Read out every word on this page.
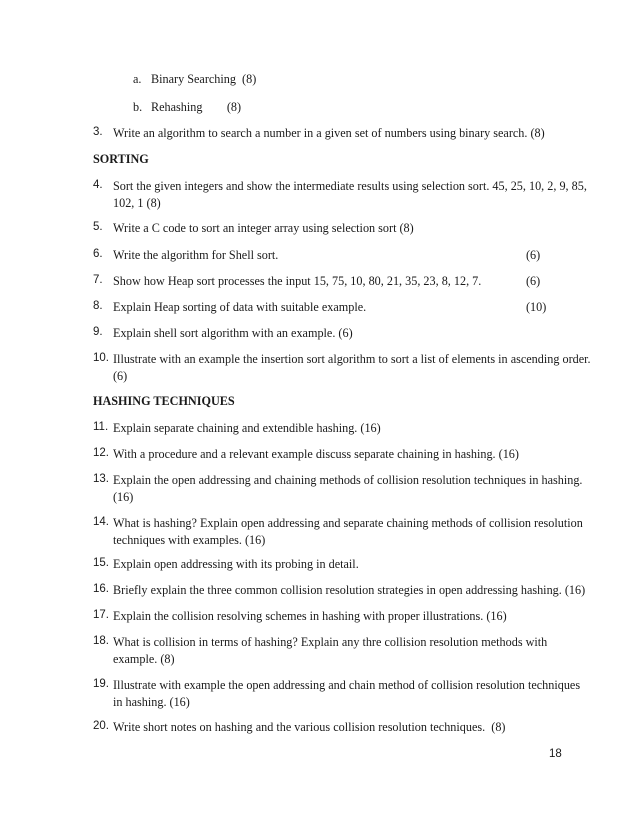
a. Binary Searching  (8)
b. Rehashing        (8)
3. Write an algorithm to search a number in a given set of numbers using binary search. (8)
SORTING
4. Sort the given integers and show the intermediate results using selection sort. 45, 25, 10, 2, 9, 85,
102, 1 (8)
5. Write a C code to sort an integer array using selection sort (8)
6. Write the algorithm for Shell sort.	(6)
7. Show how Heap sort processes the input 15, 75, 10, 80, 21, 35, 23, 8, 12, 7.	(6)
8. Explain Heap sorting of data with suitable example.	(10)
9. Explain shell sort algorithm with an example. (6)
10. Illustrate with an example the insertion sort algorithm to sort a list of elements in ascending order.
(6)
HASHING TECHNIQUES
11. Explain separate chaining and extendible hashing. (16)
12. With a procedure and a relevant example discuss separate chaining in hashing. (16)
13. Explain the open addressing and chaining methods of collision resolution techniques in hashing.
(16)
14. What is hashing? Explain open addressing and separate chaining methods of collision resolution
techniques with examples. (16)
15. Explain open addressing with its probing in detail.
16. Briefly explain the three common collision resolution strategies in open addressing hashing. (16)
17. Explain the collision resolving schemes in hashing with proper illustrations. (16)
18. What is collision in terms of hashing? Explain any thre collision resolution methods with
example. (8)
19. Illustrate with example the open addressing and chain method of collision resolution techniques
in hashing. (16)
20. Write short notes on hashing and the various collision resolution techniques.  (8)
18
